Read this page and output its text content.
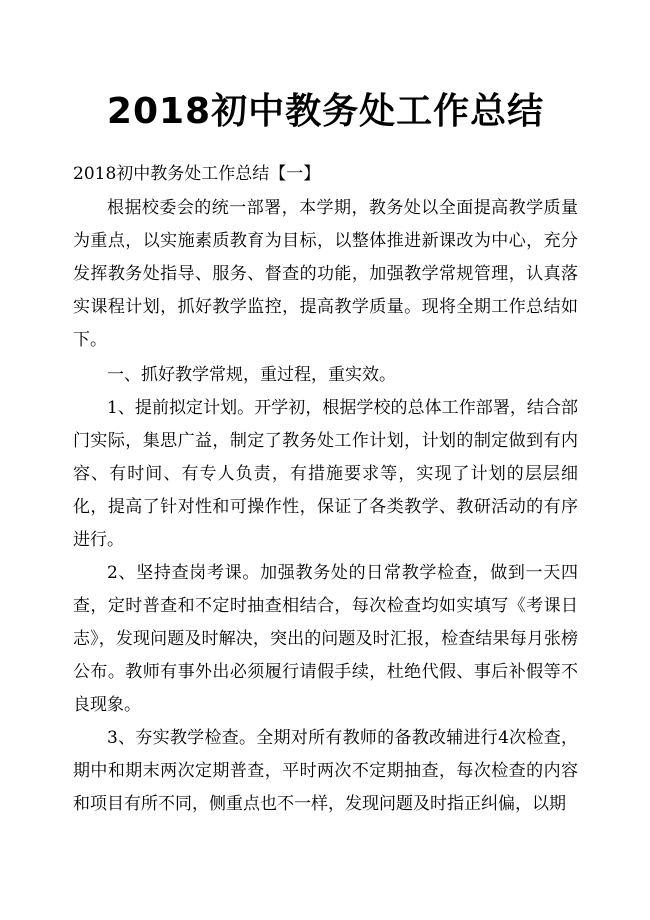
2018初中教务处工作总结

2018初中教务处工作总结【一】

根据校委会的统一部署，本学期，教务处以全面提高教学质量为重点，以实施素质教育为目标，以整体推进新课改为中心，充分发挥教务处指导、服务、督查的功能，加强教学常规管理，认真落实课程计划，抓好教学监控，提高教学质量。现将全期工作总结如下。

一、抓好教学常规，重过程，重实效。

1、提前拟定计划。开学初，根据学校的总体工作部署，结合部门实际，集思广益，制定了教务处工作计划，计划的制定做到有内容、有时间、有专人负责，有措施要求等，实现了计划的层层细化，提高了针对性和可操作性，保证了各类教学、教研活动的有序进行。

2、坚持查岗考课。加强教务处的日常教学检查，做到一天四查，定时普查和不定时抽查相结合，每次检查均如实填写《考课日志》，发现问题及时解决，突出的问题及时汇报，检查结果每月张榜公布。教师有事外出必须履行请假手续，杜绝代假、事后补假等不良现象。

3、夯实教学检查。全期对所有教师的备教改辅进行4次检查，期中和期末两次定期普查，平时两次不定期抽查，每次检查的内容和项目有所不同，侧重点也不一样，发现问题及时指正纠偏，以期
